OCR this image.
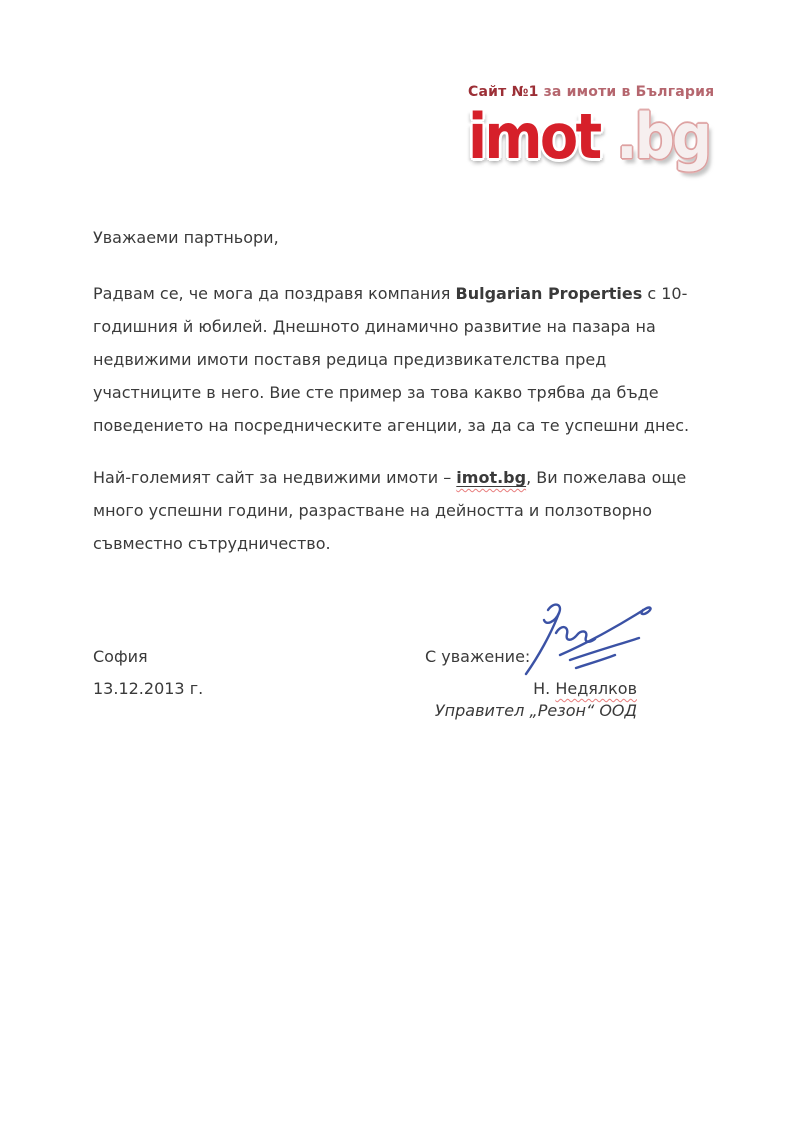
Сайт №1 за имоти в България
imot .bg
Уважаеми партньори,
Радвам се, че мога да поздравя компания Bulgarian Properties с 10-
годишния й юбилей. Днешното динамично развитие на пазара на
недвижими имоти поставя редица предизвикателства пред
участниците в него. Вие сте пример за това какво трябва да бъде
поведението на посредническите агенции, за да са те успешни днес.
Най-големият сайт за недвижими имоти – imot.bg, Ви пожелава още
много успешни години, разрастване на дейността и ползотворно
съвместно сътрудничество.
София
13.12.2013 г.
С уважение:
Н. Недялков
Управител „Резон“ ООД
